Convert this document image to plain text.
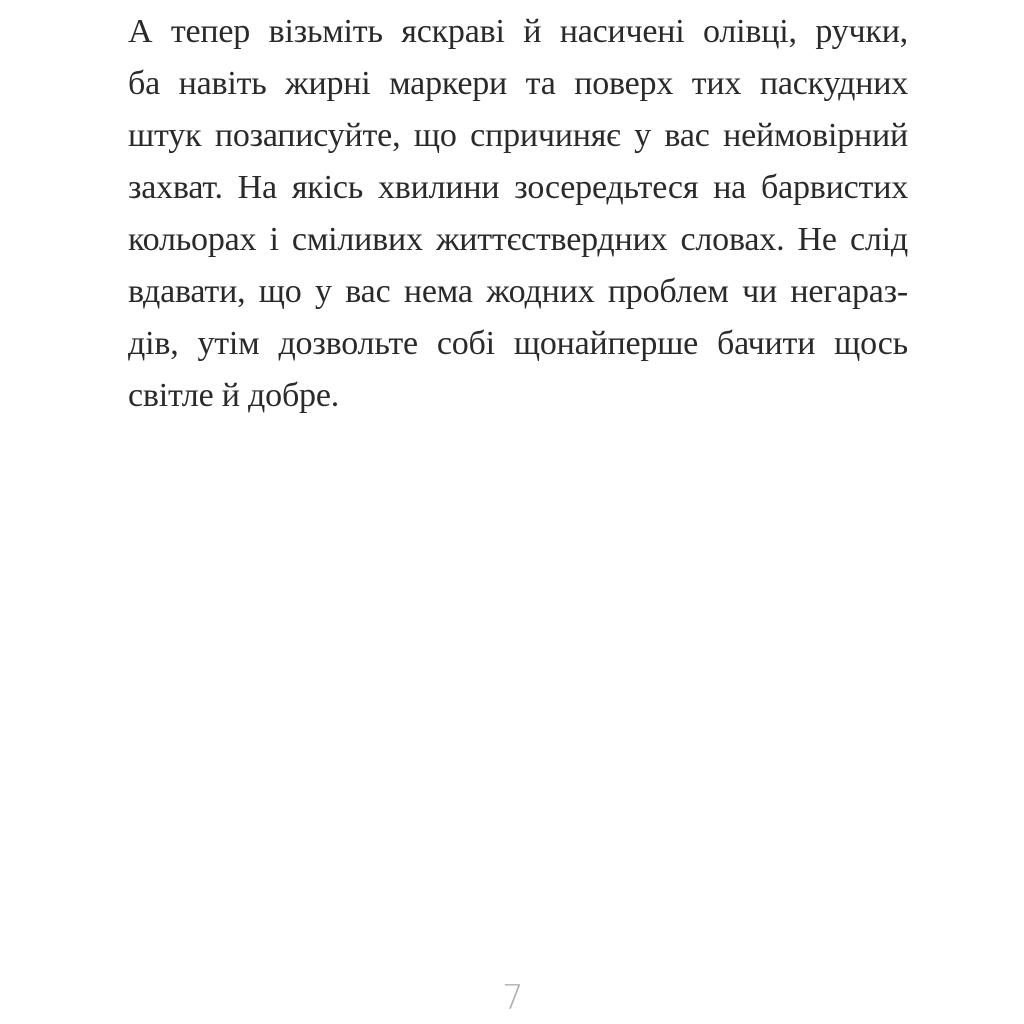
А тепер візьміть яскраві й насичені олівці, ручки,
ба навіть жирні маркери та поверх тих паскудних
штук позаписуйте, що спричиняє у вас неймовірний
захват. На якісь хвилини зосередьтеся на барвистих
кольорах і сміливих життєствердних словах. Не слід
вдавати, що у вас нема жодних проблем чи негараз-
дів, утім дозвольте собі щонайперше бачити щось
світле й добре.
7
